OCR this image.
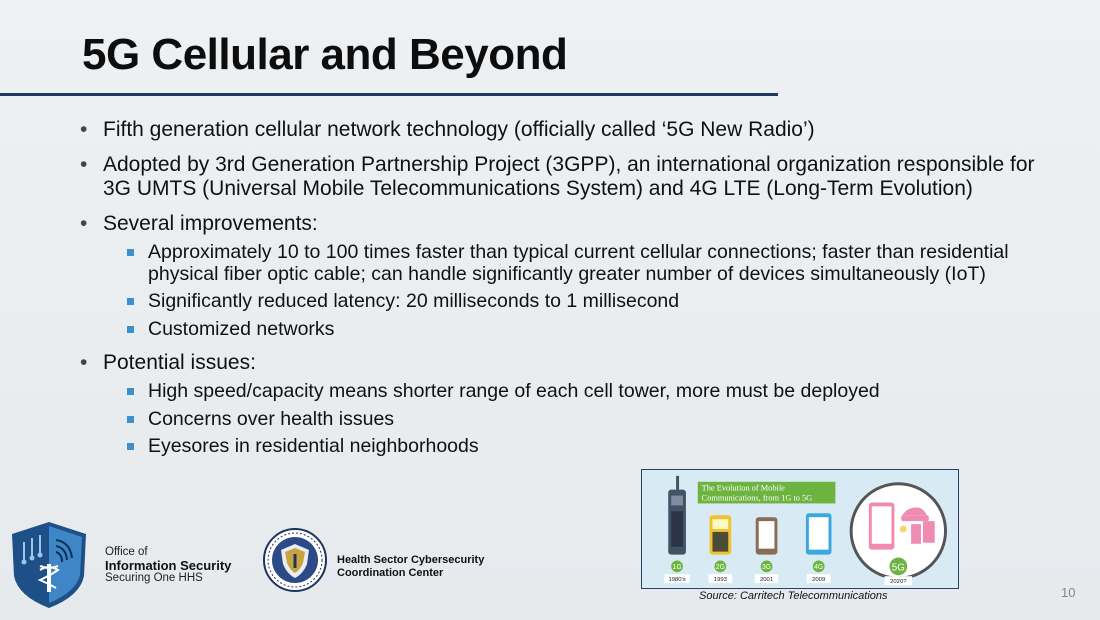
5G Cellular and Beyond
• Fifth generation cellular network technology (officially called ‘5G New Radio’)
• Adopted by 3rd Generation Partnership Project (3GPP), an international organization responsible for 3G UMTS (Universal Mobile Telecommunications System) and 4G LTE (Long-Term Evolution)
• Several improvements:
Approximately 10 to 100 times faster than typical current cellular connections; faster than residential physical fiber optic cable; can handle significantly greater number of devices simultaneously (IoT)
Significantly reduced latency: 20 milliseconds to 1 millisecond
Customized networks
• Potential issues:
High speed/capacity means shorter range of each cell tower, more must be deployed
Concerns over health issues
Eyesores in residential neighborhoods
Office of
Information Security
Securing One HHS
Health Sector Cybersecurity
Coordination Center
The Evolution of Mobile
Communications, from 1G to 5G
1G	2G	3G	4G	5G
1980's	1993	2001	2009	2020?
Source: Carritech Telecommunications	10
